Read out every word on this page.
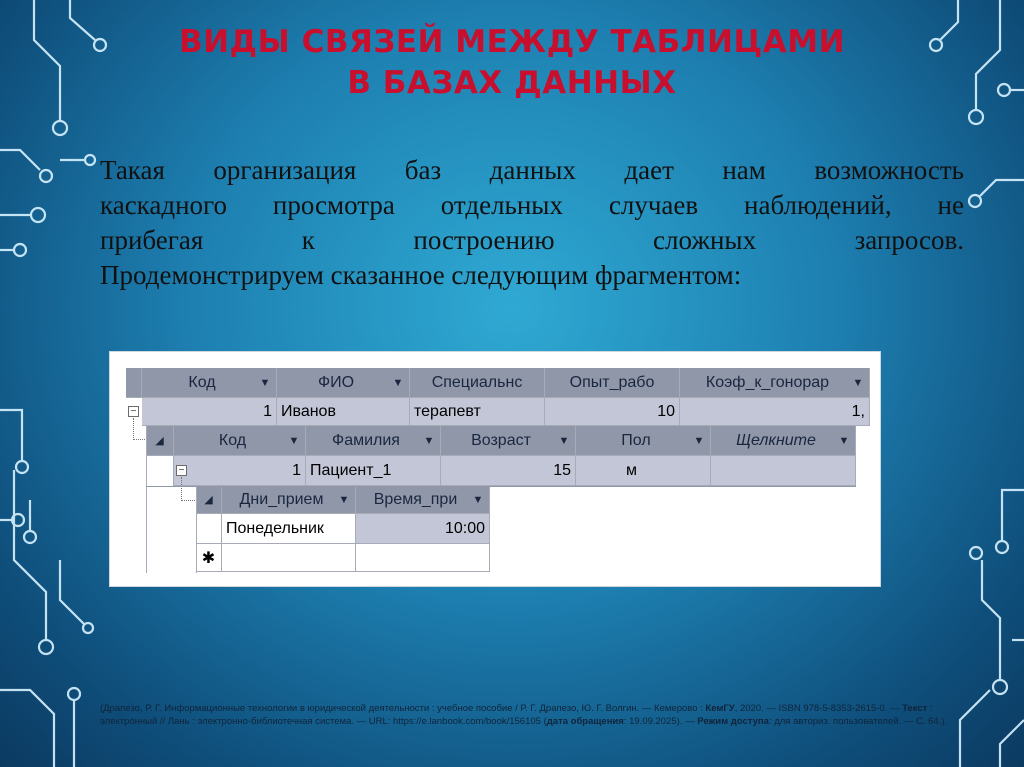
ВИДЫ СВЯЗЕЙ МЕЖДУ ТАБЛИЦАМИ
В БАЗАХ ДАННЫХ
Такая организация баз данных дает нам возможность
каскадного просмотра отдельных случаев наблюдений, не
прибегая к построению сложных запросов.
Продемонстрируем сказанное следующим фрагментом:
Код	▼	ФИО	▼	Специальнс	Опыт_рабо	Коэф_к_гонорар	▼
1 Иванов	терапевт	10	1,
−
◢	Код	▼	Фамилия	▼	Возраст	▼	Пол	▼	Щелкните	▼
1 Пациент_1	15	м
−
◢	Дни_прием	▼	Время_при	▼
Понедельник	10:00
✱
(Драпезо, Р. Г. Информационные технологии в юридической деятельности : учебное пособие / Р. Г. Драпезо, Ю. Г. Волгин. — Кемерово : КемГУ, 2020. — ISBN 978-5-8353-2615-0. — Текст : электронный // Лань : электронно-библиотечная система. — URL: https://e.lanbook.com/book/156105 (дата обращения: 19.09.2025). — Режим доступа: для авториз. пользователей. — С. 64.).
